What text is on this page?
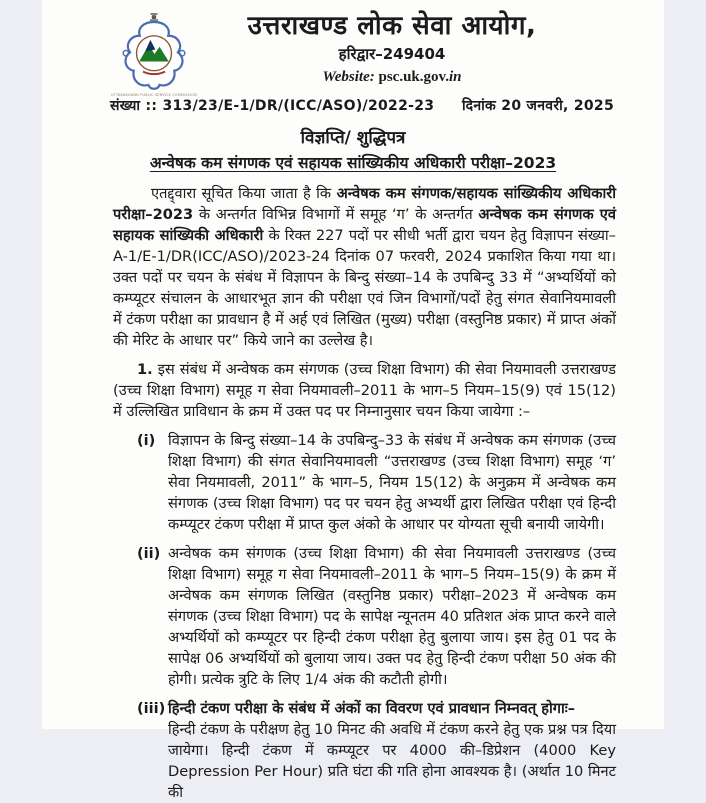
UTTARAKHAND PUBLIC SERVICE COMMISSION
उत्तराखण्ड लोक सेवा आयोग,
हरिद्वार–249404
Website: psc.uk.gov.in
संख्या :: 313/23/E-1/DR/(ICC/ASO)/2022-23 दिनांक 20 जनवरी, 2025
विज्ञप्ति/ शुद्धिपत्र
अन्वेषक कम संगणक एवं सहायक सांख्यिकीय अधिकारी परीक्षा–2023

एतद्द्वारा सूचित किया जाता है कि अन्वेषक कम संगणक/सहायक सांख्यिकीय अधिकारी परीक्षा–2023 के अन्तर्गत विभिन्न विभागों में समूह ‘ग’ के अन्तर्गत अन्वेषक कम संगणक एवं सहायक सांख्यिकी अधिकारी के रिक्त 227 पदों पर सीधी भर्ती द्वारा चयन हेतु विज्ञापन संख्या–A-1/E-1/DR(ICC/ASO)/2023-24 दिनांक 07 फरवरी, 2024 प्रकाशित किया गया था। उक्त पदों पर चयन के संबंध में विज्ञापन के बिन्दु संख्या–14 के उपबिन्दु 33 में “अभ्यर्थियों को कम्प्यूटर संचालन के आधारभूत ज्ञान की परीक्षा एवं जिन विभागों/पदों हेतु संगत सेवानियमावली में टंकण परीक्षा का प्रावधान है में अर्ह एवं लिखित (मुख्य) परीक्षा (वस्तुनिष्ठ प्रकार) में प्राप्त अंकों की मेरिट के आधार पर” किये जाने का उल्लेख है।

1. इस संबंध में अन्वेषक कम संगणक (उच्च शिक्षा विभाग) की सेवा नियमावली उत्तराखण्ड (उच्च शिक्षा विभाग) समूह ग सेवा नियमावली–2011 के भाग–5 नियम–15(9) एवं 15(12) में उल्लिखित प्राविधान के क्रम में उक्त पद पर निम्नानुसार चयन किया जायेगा :–

(i) विज्ञापन के बिन्दु संख्या–14 के उपबिन्दु–33 के संबंध में अन्वेषक कम संगणक (उच्च शिक्षा विभाग) की संगत सेवानियमावली “उत्तराखण्ड (उच्च शिक्षा विभाग) समूह ‘ग’ सेवा नियमावली, 2011” के भाग–5, नियम 15(12) के अनुक्रम में अन्वेषक कम संगणक (उच्च शिक्षा विभाग) पद पर चयन हेतु अभ्यर्थी द्वारा लिखित परीक्षा एवं हिन्दी कम्प्यूटर टंकण परीक्षा में प्राप्त कुल अंको के आधार पर योग्यता सूची बनायी जायेगी।
(ii) अन्वेषक कम संगणक (उच्च शिक्षा विभाग) की सेवा नियमावली उत्तराखण्ड (उच्च शिक्षा विभाग) समूह ग सेवा नियमावली–2011 के भाग–5 नियम–15(9) के क्रम में अन्वेषक कम संगणक लिखित (वस्तुनिष्ठ प्रकार) परीक्षा–2023 में अन्वेषक कम संगणक (उच्च शिक्षा विभाग) पद के सापेक्ष न्यूनतम 40 प्रतिशत अंक प्राप्त करने वाले अभ्यर्थियों को कम्प्यूटर पर हिन्दी टंकण परीक्षा हेतु बुलाया जाय। इस हेतु 01 पद के सापेक्ष 06 अभ्यर्थियों को बुलाया जाय। उक्त पद हेतु हिन्दी टंकण परीक्षा 50 अंक की होगी। प्रत्येक त्रुटि के लिए 1/4 अंक की कटौती होगी।
(iii) हिन्दी टंकण परीक्षा के संबंध में अंकों का विवरण एवं प्रावधान निम्नवत् होगाः–
हिन्दी टंकण के परीक्षण हेतु 10 मिनट की अवधि में टंकण करने हेतु एक प्रश्न पत्र दिया जायेगा। हिन्दी टंकण में कम्प्यूटर पर 4000 की–डिप्रेशन (4000 Key Depression Per Hour) प्रति घंटा की गति होना आवश्यक है। (अर्थात 10 मिनट की
